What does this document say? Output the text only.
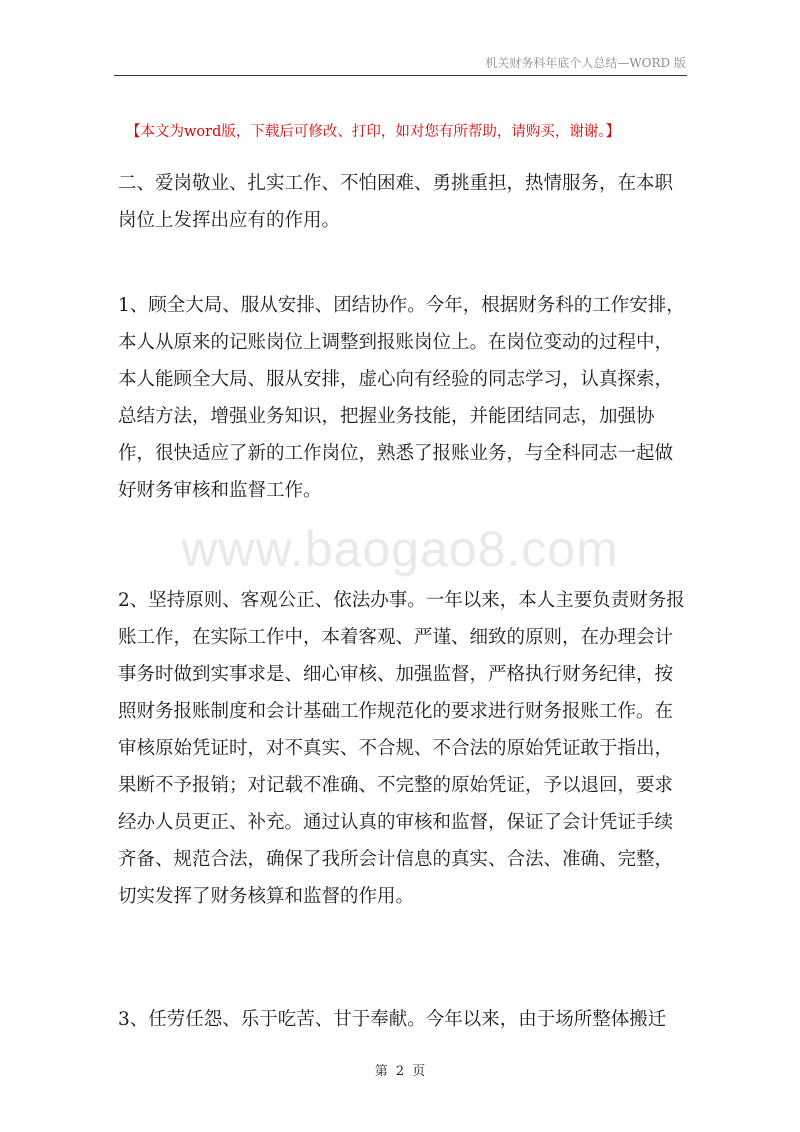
机关财务科年底个人总结—WORD 版
【本文为word版，下载后可修改、打印，如对您有所帮助，请购买，谢谢。】
www.baogao8.com

二、爱岗敬业、扎实工作、不怕困难、勇挑重担，热情服务，在本职岗位上发挥出应有的作用。

1、顾全大局、服从安排、团结协作。今年，根据财务科的工作安排，本人从原来的记账岗位上调整到报账岗位上。在岗位变动的过程中，本人能顾全大局、服从安排，虚心向有经验的同志学习，认真探索，总结方法，增强业务知识，把握业务技能，并能团结同志，加强协作，很快适应了新的工作岗位，熟悉了报账业务，与全科同志一起做好财务审核和监督工作。

2、坚持原则、客观公正、依法办事。一年以来，本人主要负责财务报账工作，在实际工作中，本着客观、严谨、细致的原则，在办理会计事务时做到实事求是、细心审核、加强监督，严格执行财务纪律，按照财务报账制度和会计基础工作规范化的要求进行财务报账工作。在审核原始凭证时，对不真实、不合规、不合法的原始凭证敢于指出，果断不予报销；对记载不准确、不完整的原始凭证，予以退回，要求经办人员更正、补充。通过认真的审核和监督，保证了会计凭证手续齐备、规范合法，确保了我所会计信息的真实、合法、准确、完整，切实发挥了财务核算和监督的作用。

3、任劳任怨、乐于吃苦、甘于奉献。今年以来，由于场所整体搬迁

第 2 页
